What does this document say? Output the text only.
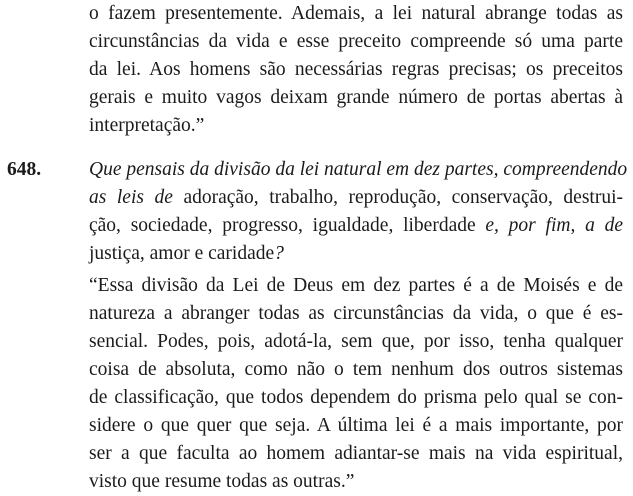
o fazem presentemente. Ademais, a lei natural abrange todas as
circunstâncias da vida e esse preceito compreende só uma parte
da lei. Aos homens são necessárias regras precisas; os preceitos
gerais e muito vagos deixam grande número de portas abertas à
interpretação.”
648. Que pensais da divisão da lei natural em dez partes, compreendendo
as leis de adoração, trabalho, reprodução, conservação, destrui-
ção, sociedade, progresso, igualdade, liberdade e, por fim, a de
justiça, amor e caridade?
“Essa divisão da Lei de Deus em dez partes é a de Moisés e de
natureza a abranger todas as circunstâncias da vida, o que é es-
sencial. Podes, pois, adotá-la, sem que, por isso, tenha qualquer
coisa de absoluta, como não o tem nenhum dos outros sistemas
de classificação, que todos dependem do prisma pelo qual se con-
sidere o que quer que seja. A última lei é a mais importante, por
ser a que faculta ao homem adiantar-se mais na vida espiritual,
visto que resume todas as outras.”
